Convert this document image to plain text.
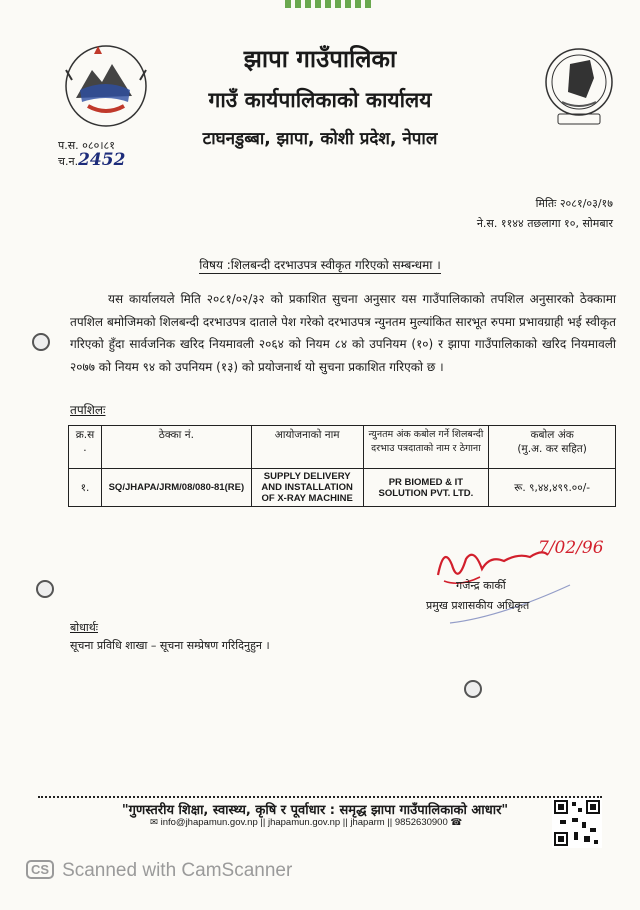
झापा गाउँपालिका
गाउँ कार्यपालिकाको कार्यालय
टाघनडुब्बा, झापा, कोशी प्रदेश, नेपाल
प.स. ०८०।८१
च.न.2452
मितिः २०८१/०३/१७
ने.स. ११४४ तछलागा १०, सोमबार
विषय :शिलबन्दी दरभाउपत्र स्वीकृत गरिएको सम्बन्धमा ।

यस कार्यालयले मिति २०८१/०२/३२ को प्रकाशित सुचना अनुसार यस गाउँपालिकाको तपशिल अनुसारको ठेक्कामा तपशिल बमोजिमको शिलबन्दी दरभाउपत्र दाताले पेश गरेको दरभाउपत्र न्युनतम मुल्यांकित सारभूत रुपमा प्रभावग्राही भई स्वीकृत गरिएको हुँदा सार्वजनिक खरिद नियमावली २०६४ को नियम ८४ को उपनियम (१०) र झापा गाउँपालिकाको खरिद नियमावली २०७७ को नियम ९४ को उपनियम (१३) को प्रयोजनार्थ यो सुचना प्रकाशित गरिएको छ ।

तपशिलः
क्र.स
.	ठेक्का नं.	आयोजनाको नाम	न्युनतम अंक कबोल गर्ने शिलबन्दी दरभाउ पत्रदाताको नाम र ठेगाना	कबोल अंक
(मु.अ. कर सहित)
१.	SQ/JHAPA/JRM/08/080-81(RE)	SUPPLY DELIVERY AND INSTALLATION OF X-RAY MACHINE	PR BIOMED & IT SOLUTION PVT. LTD.	रू. ९,४४,४९९.००/-
7/02/96
गजेन्द्र कार्की
प्रमुख प्रशासकीय अधिकृत
बोधार्थः
सूचना प्रविधि शाखा – सूचना सम्प्रेषण गरिदिनुहुन ।
"गुणस्तरीय शिक्षा, स्वास्थ्य, कृषि र पूर्वाधार : समृद्ध झापा गाउँपालिकाको आधार"
✉ info@jhapamun.gov.np || jhapamun.gov.np || jhaparm || 9852630900 ☎
CS Scanned with CamScanner
